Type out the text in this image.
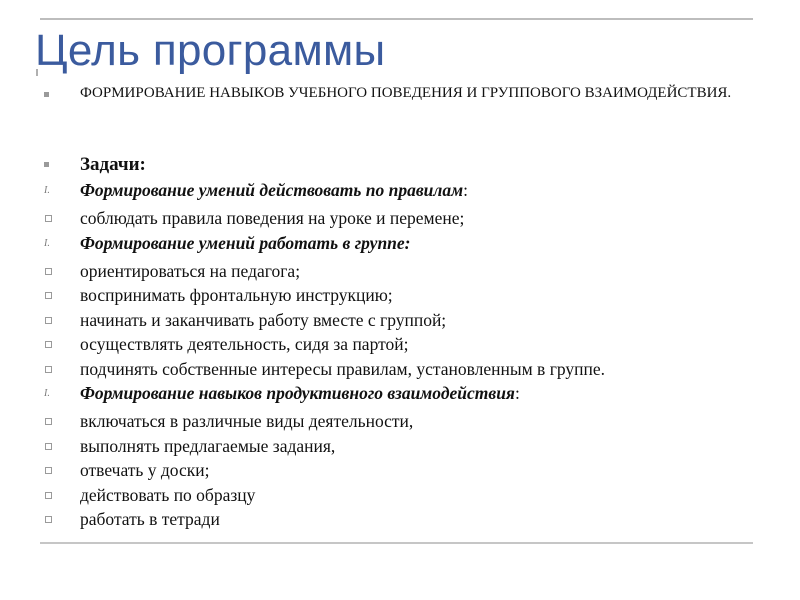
Цель программы
ФОРМИРОВАНИЕ НАВЫКОВ УЧЕБНОГО ПОВЕДЕНИЯ И ГРУППОВОГО ВЗАИМОДЕЙСТВИЯ.
Задачи:
I.	Формирование умений действовать по правилам:
соблюдать правила поведения на уроке и перемене;
I.	Формирование умений работать в группе:
ориентироваться на педагога;
воспринимать фронтальную инструкцию;
начинать и заканчивать работу вместе с группой;
осуществлять деятельность, сидя за партой;
подчинять собственные интересы правилам, установленным в группе.
I.	Формирование навыков продуктивного взаимодействия:
включаться в различные виды деятельности,
выполнять предлагаемые задания,
отвечать у доски;
действовать по образцу
работать в тетради
